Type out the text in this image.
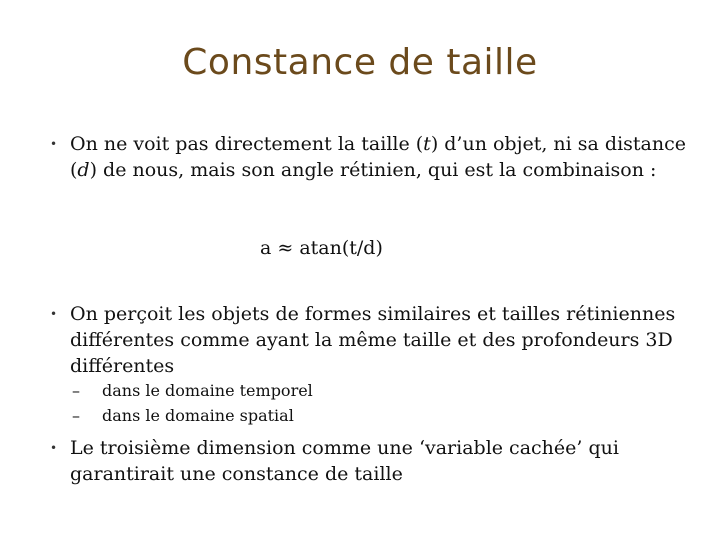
Constance de taille
• On ne voit pas directement la taille (t) d’un objet, ni sa distance (d) de nous, mais son angle rétinien, qui est la combinaison :
a ≈ atan(t/d)
• On perçoit les objets de formes similaires et tailles rétiniennes différentes comme ayant la même taille et des profondeurs 3D différentes
– dans le domaine temporel
– dans le domaine spatial
• Le troisième dimension comme une ‘variable cachée’ qui garantirait une constance de taille
